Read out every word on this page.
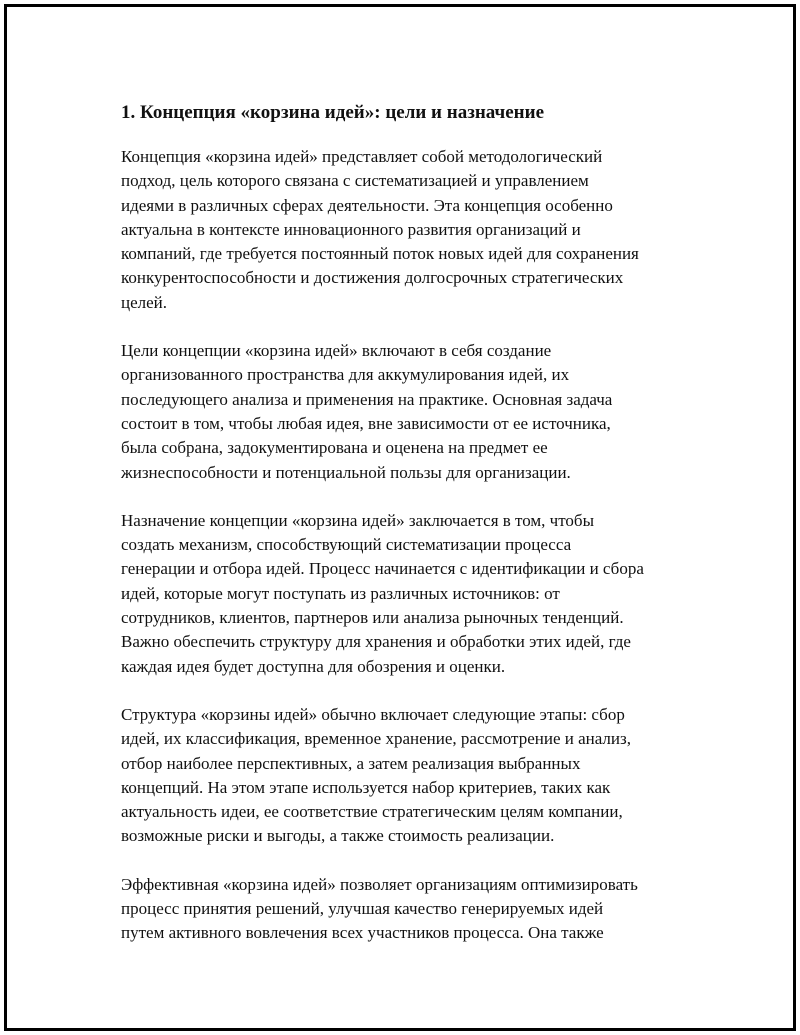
1. Концепция «корзина идей»: цели и назначение

Концепция «корзина идей» представляет собой методологический
подход, цель которого связана с систематизацией и управлением
идеями в различных сферах деятельности. Эта концепция особенно
актуальна в контексте инновационного развития организаций и
компаний, где требуется постоянный поток новых идей для сохранения
конкурентоспособности и достижения долгосрочных стратегических
целей.

Цели концепции «корзина идей» включают в себя создание
организованного пространства для аккумулирования идей, их
последующего анализа и применения на практике. Основная задача
состоит в том, чтобы любая идея, вне зависимости от ее источника,
была собрана, задокументирована и оценена на предмет ее
жизнеспособности и потенциальной пользы для организации.

Назначение концепции «корзина идей» заключается в том, чтобы
создать механизм, способствующий систематизации процесса
генерации и отбора идей. Процесс начинается с идентификации и сбора
идей, которые могут поступать из различных источников: от
сотрудников, клиентов, партнеров или анализа рыночных тенденций.
Важно обеспечить структуру для хранения и обработки этих идей, где
каждая идея будет доступна для обозрения и оценки.

Структура «корзины идей» обычно включает следующие этапы: сбор
идей, их классификация, временное хранение, рассмотрение и анализ,
отбор наиболее перспективных, а затем реализация выбранных
концепций. На этом этапе используется набор критериев, таких как
актуальность идеи, ее соответствие стратегическим целям компании,
возможные риски и выгоды, а также стоимость реализации.

Эффективная «корзина идей» позволяет организациям оптимизировать
процесс принятия решений, улучшая качество генерируемых идей
путем активного вовлечения всех участников процесса. Она также
